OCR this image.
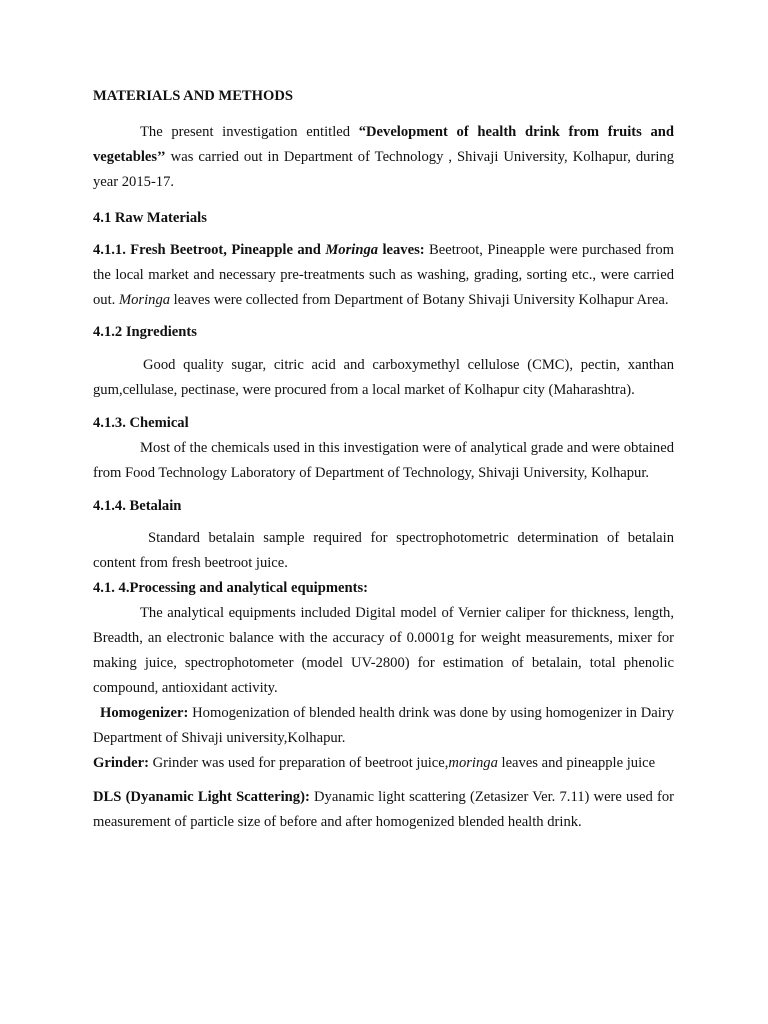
MATERIALS AND METHODS

The present investigation entitled “Development of health drink from fruits and vegetables’’ was carried out in Department of Technology , Shivaji University, Kolhapur, during year 2015-17.

4.1 Raw Materials

4.1.1. Fresh Beetroot, Pineapple and Moringa leaves: Beetroot, Pineapple were purchased from the local market and necessary pre-treatments such as washing, grading, sorting etc., were carried out. Moringa leaves were collected from Department of Botany Shivaji University Kolhapur Area.

4.1.2 Ingredients

Good quality sugar, citric acid and carboxymethyl cellulose (CMC), pectin, xanthan gum,cellulase, pectinase, were procured from a local market of Kolhapur city (Maharashtra).

4.1.3. Chemical

Most of the chemicals used in this investigation were of analytical grade and were obtained from Food Technology Laboratory of Department of Technology, Shivaji University, Kolhapur.

4.1.4. Betalain

Standard betalain sample required for spectrophotometric determination of betalain content from fresh beetroot juice.

4.1. 4.Processing and analytical equipments:

The analytical equipments included Digital model of Vernier caliper for thickness, length, Breadth, an electronic balance with the accuracy of 0.0001g for weight measurements, mixer for making juice, spectrophotometer (model UV-2800) for estimation of betalain, total phenolic compound, antioxidant activity.

Homogenizer: Homogenization of blended health drink was done by using homogenizer in Dairy Department of Shivaji university,Kolhapur.

Grinder: Grinder was used for preparation of beetroot juice,moringa leaves and pineapple juice

DLS (Dyanamic Light Scattering): Dyanamic light scattering (Zetasizer Ver. 7.11) were used for measurement of particle size of before and after homogenized blended health drink.
